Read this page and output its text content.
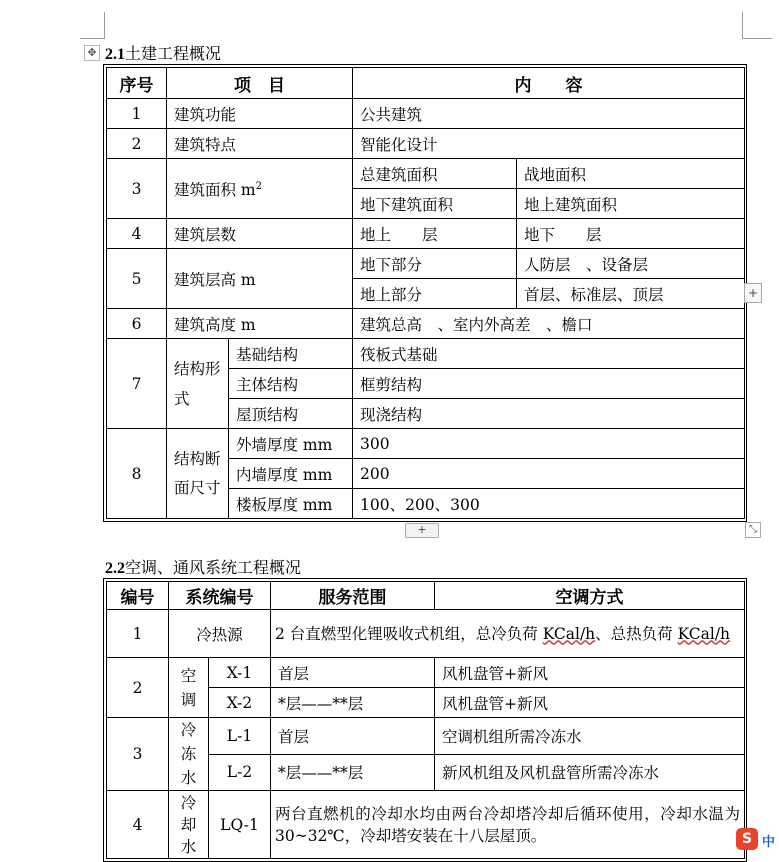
✥ 2.1土建工程概况
序号	项　目		内　　容	
1	建筑功能		公共建筑	
2	建筑特点		智能化设计	
3	建筑面积 $m^2$		总建筑面积	战地面积
			地下建筑面积	地上建筑面积
4	建筑层数		地上　　层	地下　　层
5	建筑层高 m		地下部分	人防层　、设备层
			地上部分	首层、标准层、顶层
6	建筑高度 m		建筑总高　、室内外高差　、檐口	
7	结构形式	基础结构	筏板式基础	
		主体结构	框剪结构	
		屋顶结构	现浇结构	
8	结构断面尺寸	外墙厚度 mm	300	
		内墙厚度 mm	200	
		楼板厚度 mm	100、200、300	
+
+	⤡
2.2空调、通风系统工程概况
编号	系统编号		服务范围	空调方式
1	冷热源		2 台直燃型化锂吸收式机组，总冷负荷 KCal/h、总热负荷 KCal/h	
2	空调	X-1	首层	风机盘管+新风
		X-2	*层——**层	风机盘管+新风
3	冷冻水	L-1	首层	空调机组所需冷冻水
		L-2	*层——**层	新风机组及风机盘管所需冷冻水
4	冷却水	LQ-1	两台直燃机的冷却水均由两台冷却塔冷却后循环使用，冷却水温为 30~32℃，冷却塔安装在十八层屋顶。		S 中
